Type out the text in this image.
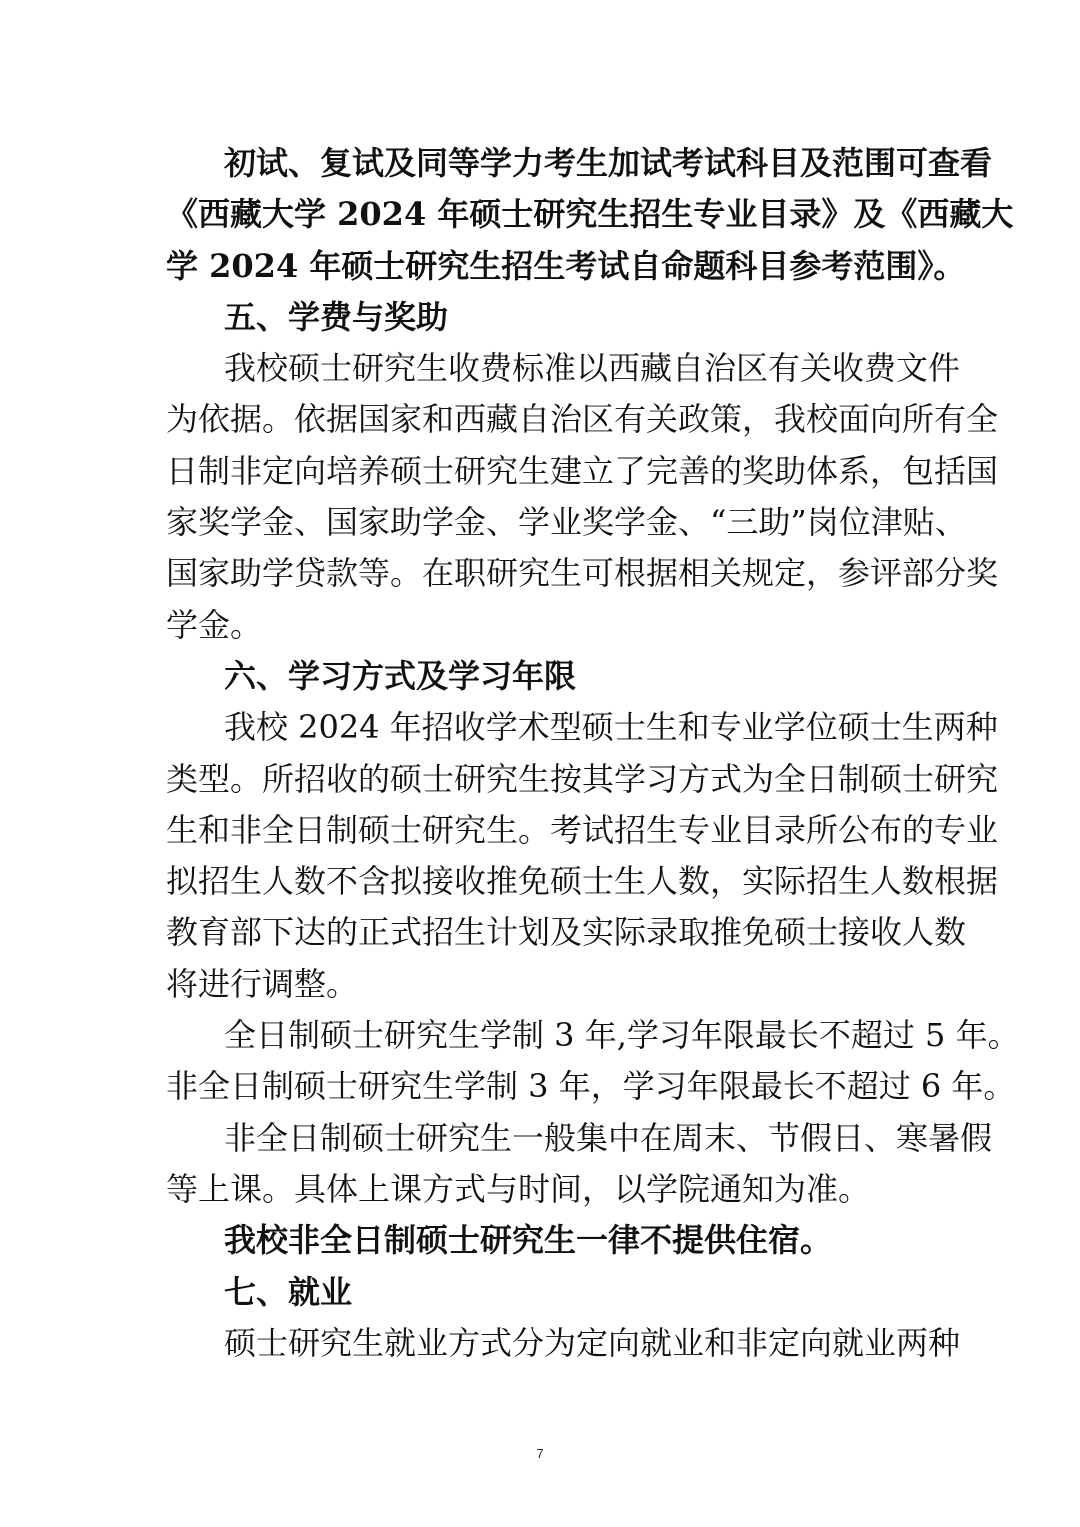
初试、复试及同等学力考生加试考试科目及范围可查看
《西藏大学 2024 年硕士研究生招生专业目录》及《西藏大
学 2024 年硕士研究生招生考试自命题科目参考范围》。
五、学费与奖助
我校硕士研究生收费标准以西藏自治区有关收费文件
为依据。依据国家和西藏自治区有关政策，我校面向所有全
日制非定向培养硕士研究生建立了完善的奖助体系，包括国
家奖学金、国家助学金、学业奖学金、“三助”岗位津贴、
国家助学贷款等。在职研究生可根据相关规定，参评部分奖
学金。
六、学习方式及学习年限
我校 2024 年招收学术型硕士生和专业学位硕士生两种
类型。所招收的硕士研究生按其学习方式为全日制硕士研究
生和非全日制硕士研究生。考试招生专业目录所公布的专业
拟招生人数不含拟接收推免硕士生人数，实际招生人数根据
教育部下达的正式招生计划及实际录取推免硕士接收人数
将进行调整。
全日制硕士研究生学制 3 年,学习年限最长不超过 5 年。
非全日制硕士研究生学制 3 年，学习年限最长不超过 6 年。
非全日制硕士研究生一般集中在周末、节假日、寒暑假
等上课。具体上课方式与时间，以学院通知为准。
我校非全日制硕士研究生一律不提供住宿。
七、就业
硕士研究生就业方式分为定向就业和非定向就业两种
7
